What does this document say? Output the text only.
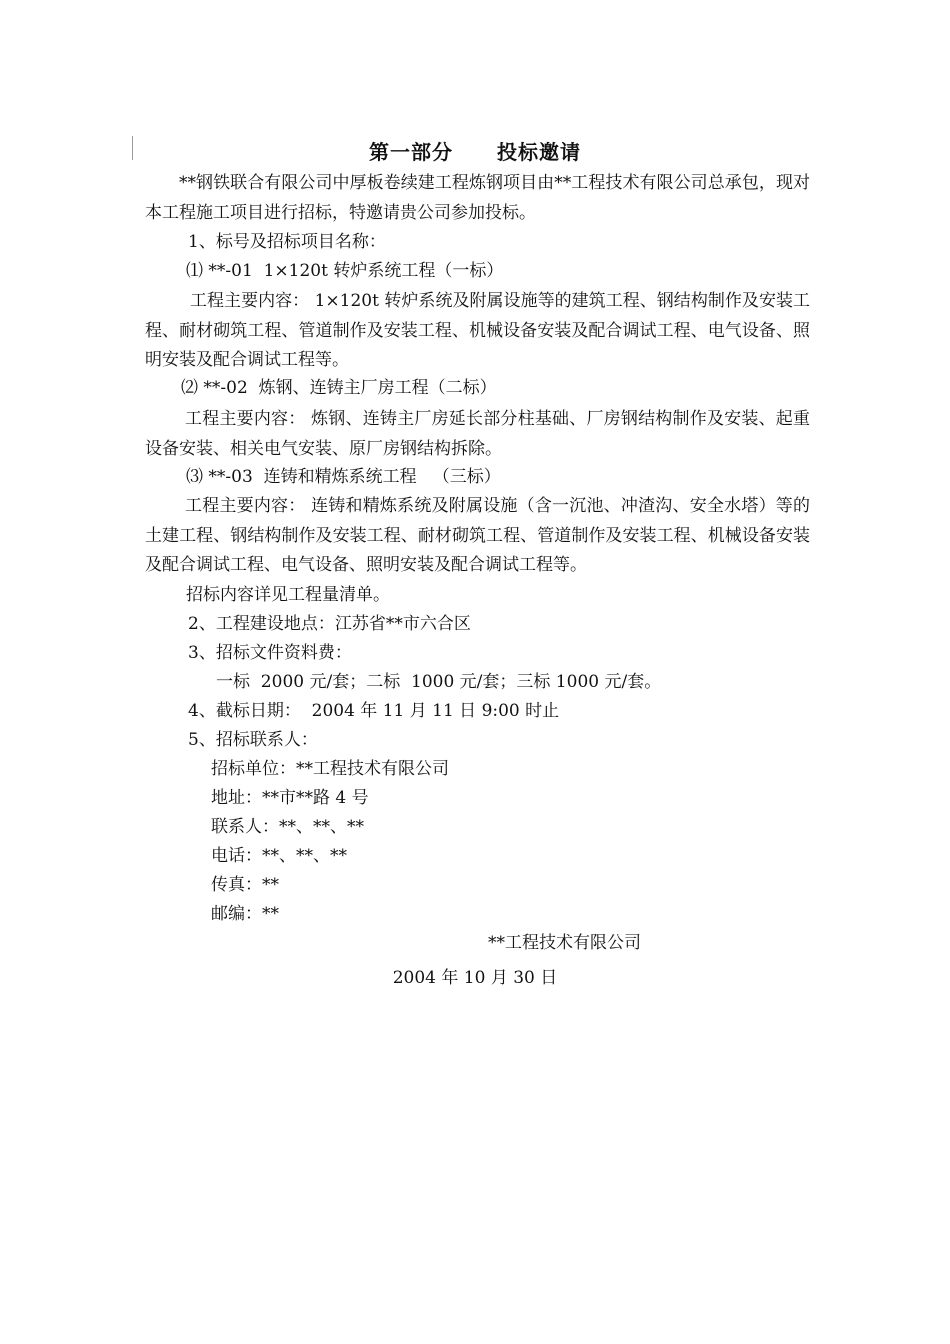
第一部分 投标邀请
**钢铁联合有限公司中厚板卷续建工程炼钢项目由**工程技术有限公司总承包，现对本工程施工项目进行招标，特邀请贵公司参加投标。
1、标号及招标项目名称：
⑴ **-01  1×120t 转炉系统工程（一标）
工程主要内容： 1×120t 转炉系统及附属设施等的建筑工程、钢结构制作及安装工程、耐材砌筑工程、管道制作及安装工程、机械设备安装及配合调试工程、电气设备、照明安装及配合调试工程等。
⑵ **-02  炼钢、连铸主厂房工程（二标）
工程主要内容： 炼钢、连铸主厂房延长部分柱基础、厂房钢结构制作及安装、起重设备安装、相关电气安装、原厂房钢结构拆除。
⑶ **-03  连铸和精炼系统工程   （三标）
工程主要内容： 连铸和精炼系统及附属设施（含一沉池、冲渣沟、安全水塔）等的土建工程、钢结构制作及安装工程、耐材砌筑工程、管道制作及安装工程、机械设备安装及配合调试工程、电气设备、照明安装及配合调试工程等。
招标内容详见工程量清单。
2、工程建设地点：江苏省**市六合区
3、招标文件资料费：
一标  2000 元/套；二标  1000 元/套；三标 1000 元/套。
4、截标日期：  2004 年 11 月 11 日 9:00 时止
5、招标联系人：
招标单位：**工程技术有限公司
地址：**市**路 4 号
联系人：**、**、**
电话：**、**、**
传真：**
邮编：**
**工程技术有限公司
2004 年 10 月 30 日
